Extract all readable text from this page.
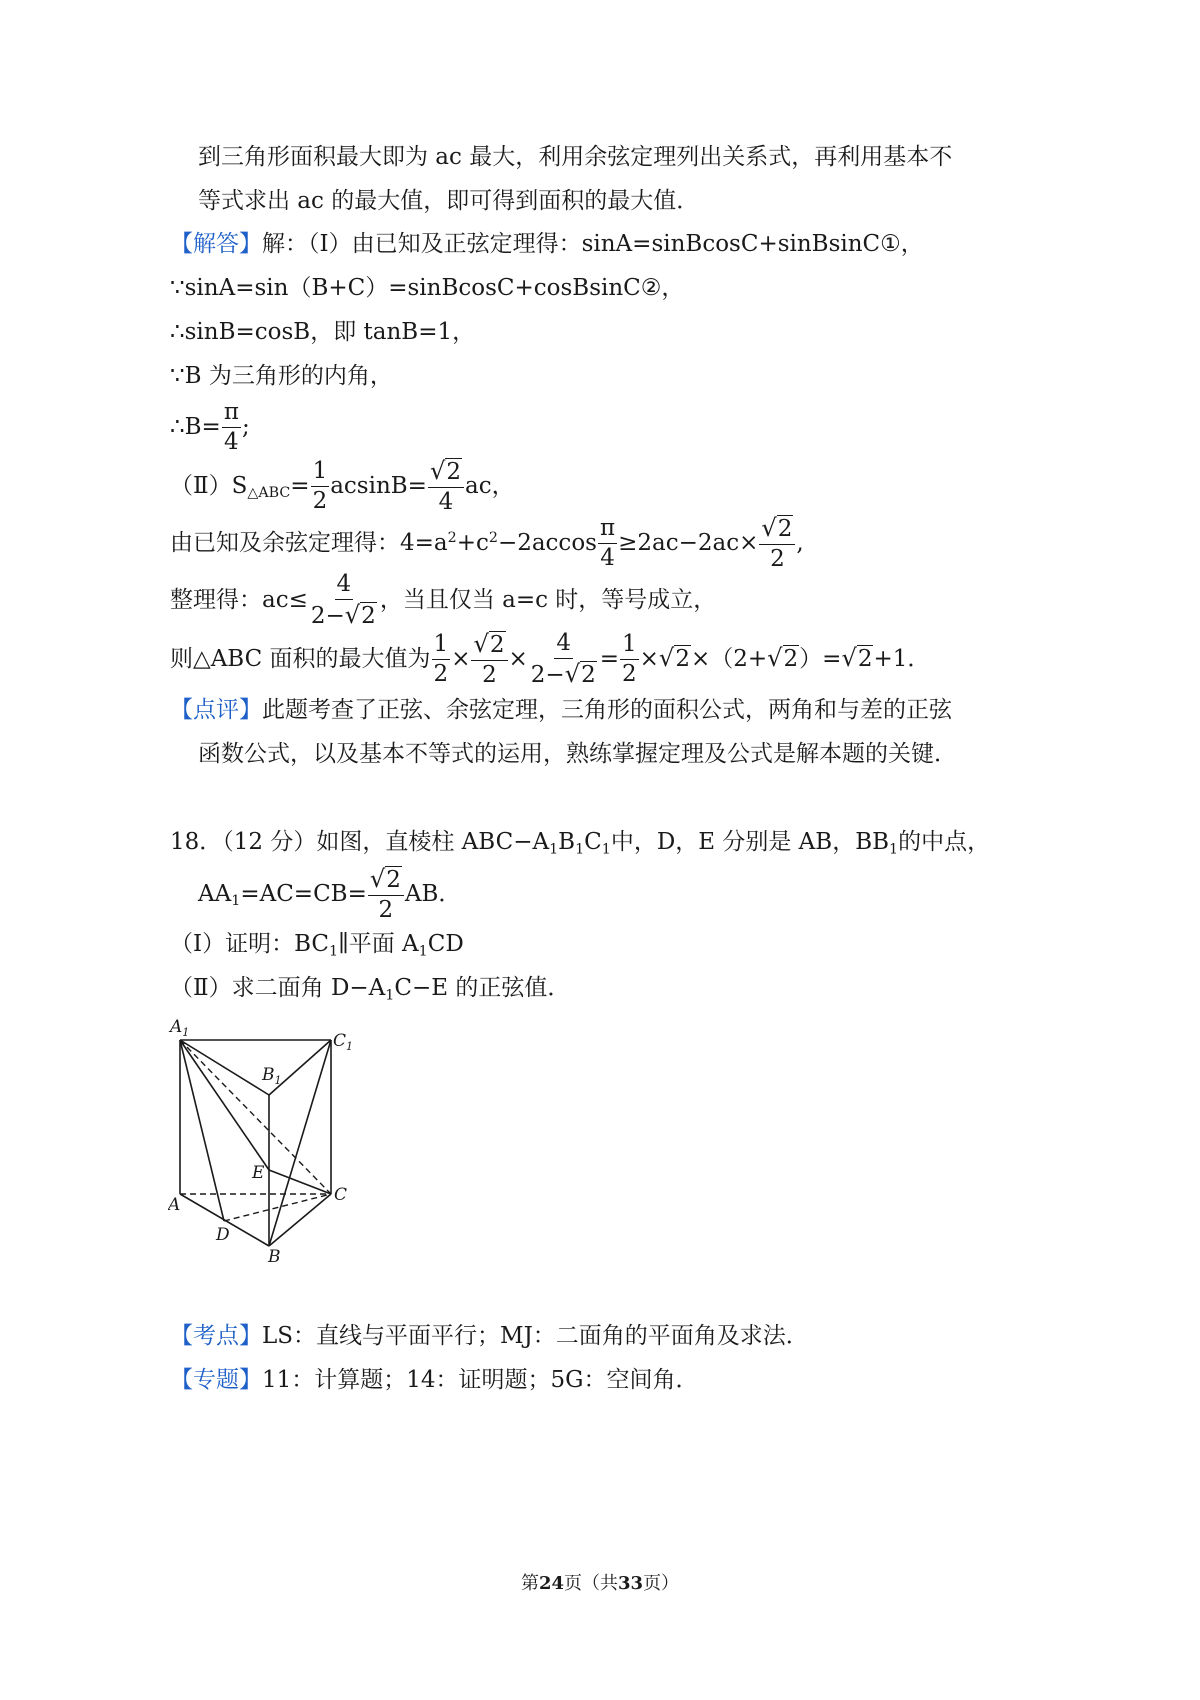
到三角形面积最大即为 ac 最大，利用余弦定理列出关系式，再利用基本不
等式求出 ac 的最大值，即可得到面积的最大值．
【解答】解：（Ⅰ）由已知及正弦定理得：sinA=sinBcosC+sinBsinC①，
∵sinA=sin（B+C）=sinBcosC+cosBsinC②，
∴sinB=cosB，即 tanB=1，
∵B 为三角形的内角，
∴B= $\frac{\pi}{4}$ ;
$(Ⅱ)S_{\triangle ABC}= \frac{1}{2} acsinB= \frac{√2}{4}$ ac，
由已知及余弦定理得：$4=a^2+c^2-2accos \frac{\pi}{4} \ge 2ac-2ac\times \frac{√2}{2}$ ,
整理得：$ac\le \frac{4}{2-√2}$ ，当且仅当 a=c 时，等号成立，
则△ABC 面积的最大值为 $\frac{1}{2} \times \frac{√2}{2} \times \frac{4}{2-√2} = \frac{1}{2} \times√2\times(2+√2)=√2+1$．
【点评】此题考查了正弦、余弦定理，三角形的面积公式，两角和与差的正弦
函数公式，以及基本不等式的运用，熟练掌握定理及公式是解本题的关键．
18．（12 分）如图，直棱柱 $ABC-A_1B_1C_1$中，D，E 分别是 AB，$BB_1$的中点，
$AA_1=AC=CB= \frac{√2}{2}$ AB．
（Ⅰ）证明：$BC_1\parallel$平面 $A_1CD$
（Ⅱ）求二面角 $D-A_1C-E$ 的正弦值．
$A_1$	$C_1$
$B_1$
E
A	C
D
B
【考点】LS：直线与平面平行；MJ：二面角的平面角及求法．
【专题】11：计算题；14：证明题；5G：空间角．
第24页（共33页）
